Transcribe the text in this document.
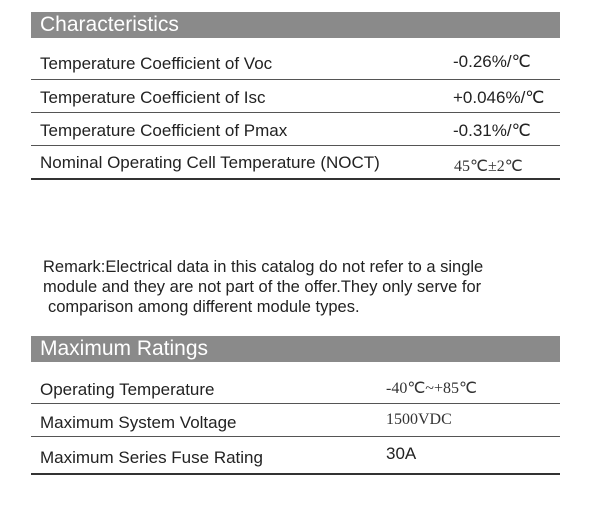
Characteristics
Temperature Coefficient of Voc	-0.26%/℃
Temperature Coefficient of Isc	+0.046%/℃
Temperature Coefficient of Pmax	-0.31%/℃
Nominal Operating Cell Temperature (NOCT)	45℃±2℃
Remark:Electrical data in this catalog do not refer to a single
module and they are not part of the offer.They only serve for
comparison among different module types.
Maximum Ratings
Operating Temperature	-40℃~+85℃
Maximum System Voltage	1500VDC
Maximum Series Fuse Rating	30A
